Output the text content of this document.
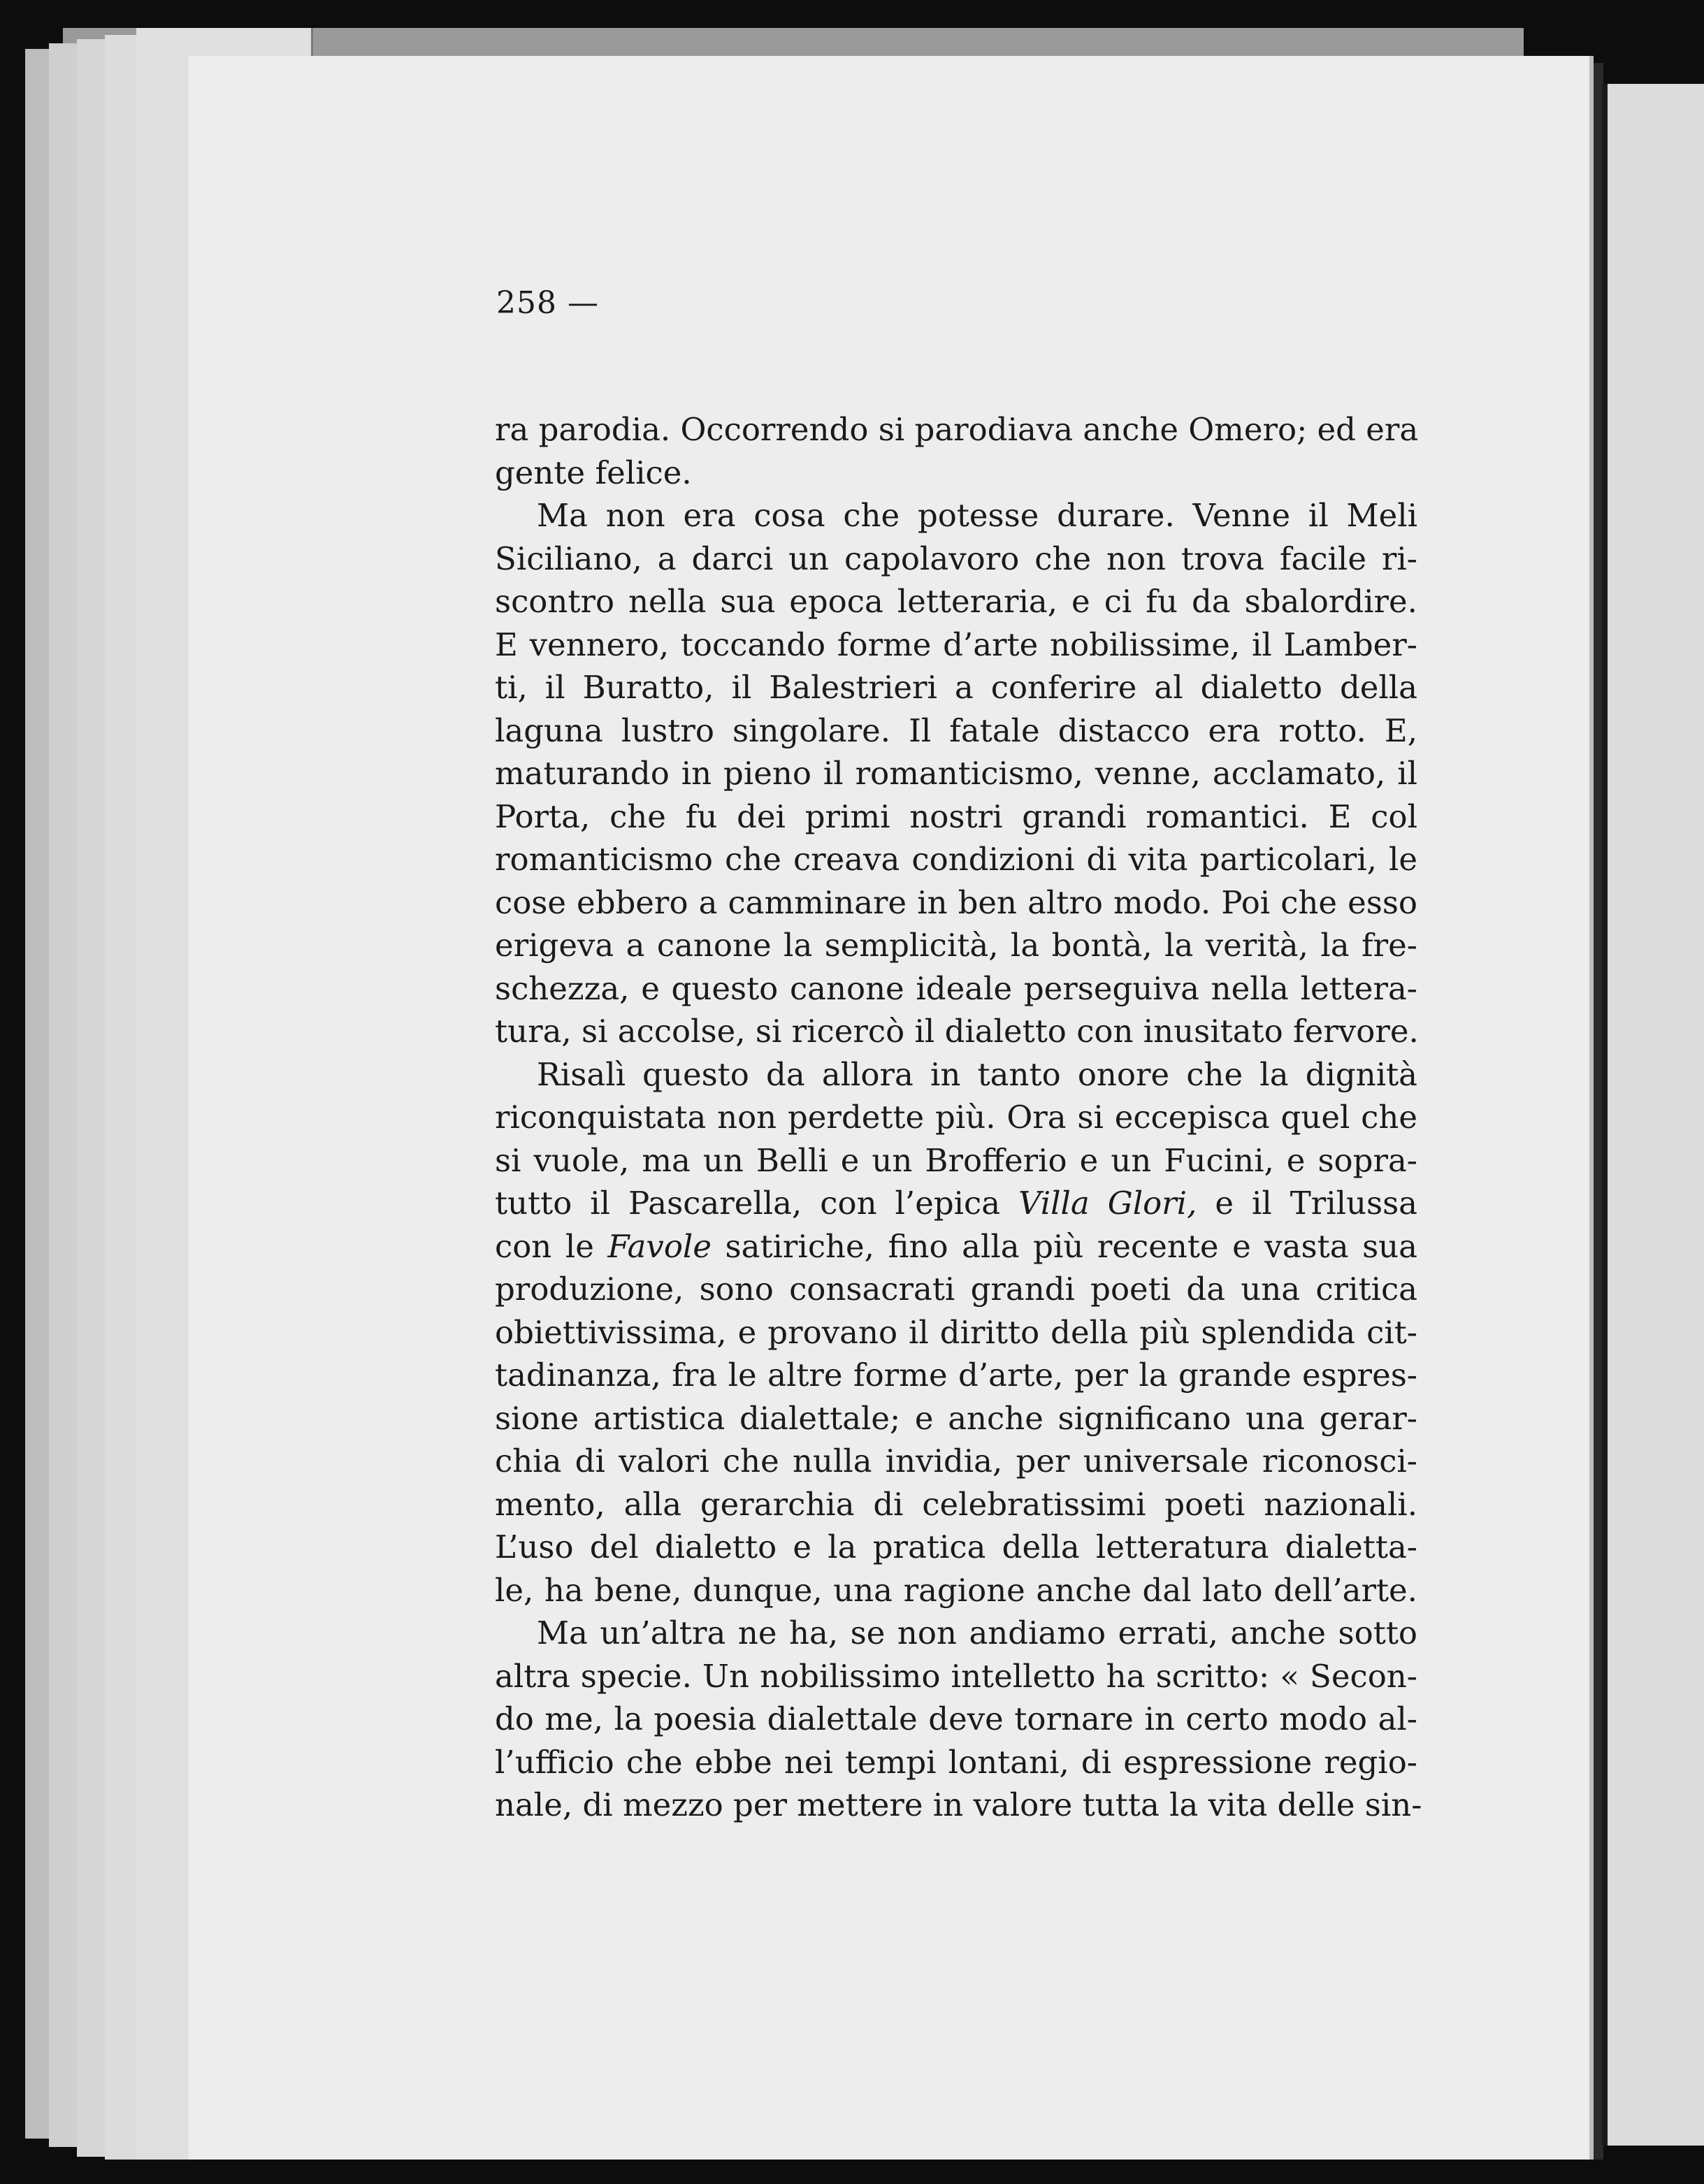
258 —
ra parodia. Occorrendo si parodiava anche Omero; ed era
gente felice.
Ma non era cosa che potesse durare. Venne il Meli
Siciliano, a darci un capolavoro che non trova facile ri-
scontro nella sua epoca letteraria, e ci fu da sbalordire.
E vennero, toccando forme d’arte nobilissime, il Lamber-
ti, il Buratto, il Balestrieri a conferire al dialetto della
laguna lustro singolare. Il fatale distacco era rotto. E,
maturando in pieno il romanticismo, venne, acclamato, il
Porta, che fu dei primi nostri grandi romantici. E col
romanticismo che creava condizioni di vita particolari, le
cose ebbero a camminare in ben altro modo. Poi che esso
erigeva a canone la semplicità, la bontà, la verità, la fre-
schezza, e questo canone ideale perseguiva nella lettera-
tura, si accolse, si ricercò il dialetto con inusitato fervore.
Risalì questo da allora in tanto onore che la dignità
riconquistata non perdette più. Ora si eccepisca quel che
si vuole, ma un Belli e un Brofferio e un Fucini, e sopra-
tutto il Pascarella, con l’epica Villa Glori, e il Trilussa
con le Favole satiriche, fino alla più recente e vasta sua
produzione, sono consacrati grandi poeti da una critica
obiettivissima, e provano il diritto della più splendida cit-
tadinanza, fra le altre forme d’arte, per la grande espres-
sione artistica dialettale; e anche significano una gerar-
chia di valori che nulla invidia, per universale riconosci-
mento, alla gerarchia di celebratissimi poeti nazionali.
L’uso del dialetto e la pratica della letteratura dialetta-
le, ha bene, dunque, una ragione anche dal lato dell’arte.
Ma un’altra ne ha, se non andiamo errati, anche sotto
altra specie. Un nobilissimo intelletto ha scritto: « Secon-
do me, la poesia dialettale deve tornare in certo modo al-
l’ufficio che ebbe nei tempi lontani, di espressione regio-
nale, di mezzo per mettere in valore tutta la vita delle sin-
